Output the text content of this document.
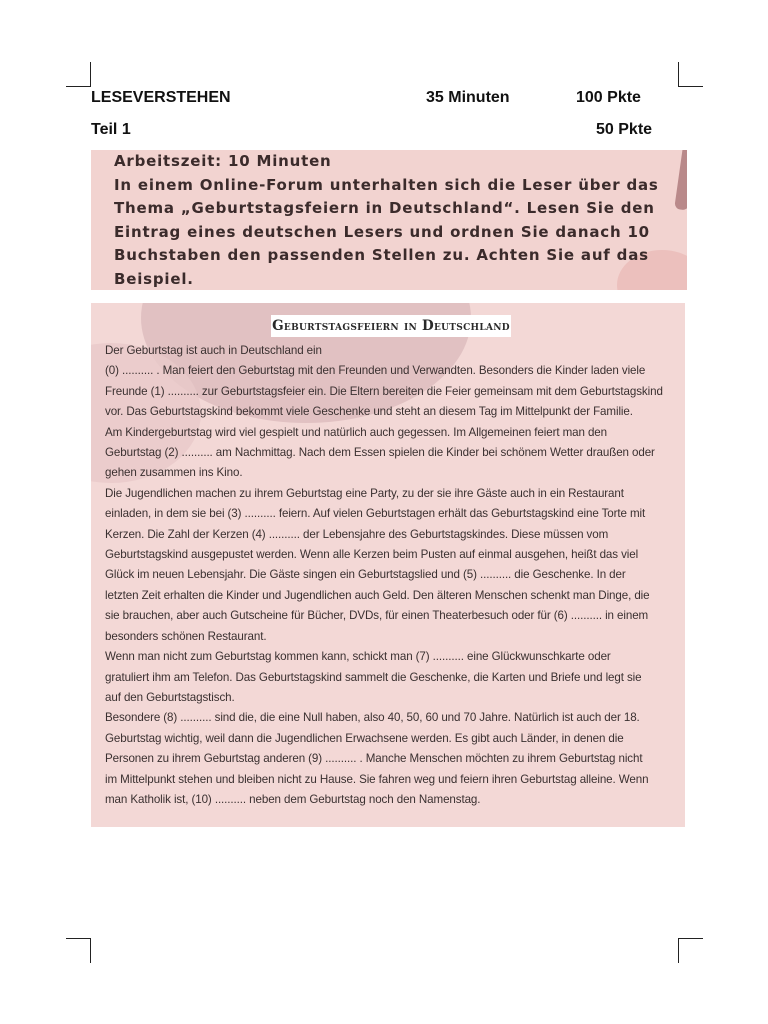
LESEVERSTEHEN	35 Minuten	100 Pkte
Teil 1	50 Pkte
Arbeitszeit: 10 Minuten
In einem Online-Forum unterhalten sich die Leser über das
Thema „Geburtstagsfeiern in Deutschland“. Lesen Sie den
Eintrag eines deutschen Lesers und ordnen Sie danach 10
Buchstaben den passenden Stellen zu. Achten Sie auf das
Beispiel.
Geburtstagsfeiern in Deutschland

Der Geburtstag ist auch in Deutschland ein

(0) .......... . Man feiert den Geburtstag mit den Freunden und Verwandten. Besonders die Kinder laden viele

Freunde (1) .......... zur Geburtstagsfeier ein. Die Eltern bereiten die Feier gemeinsam mit dem Geburtstagskind

vor. Das Geburtstagskind bekommt viele Geschenke und steht an diesem Tag im Mittelpunkt der Familie.

Am Kindergeburtstag wird viel gespielt und natürlich auch gegessen. Im Allgemeinen feiert man den

Geburtstag (2) .......... am Nachmittag. Nach dem Essen spielen die Kinder bei schönem Wetter draußen oder

gehen zusammen ins Kino.

Die Jugendlichen machen zu ihrem Geburtstag eine Party, zu der sie ihre Gäste auch in ein Restaurant

einladen, in dem sie bei (3) .......... feiern. Auf vielen Geburtstagen erhält das Geburtstagskind eine Torte mit

Kerzen. Die Zahl der Kerzen (4) .......... der Lebensjahre des Geburtstagskindes. Diese müssen vom

Geburtstagskind ausgepustet werden. Wenn alle Kerzen beim Pusten auf einmal ausgehen, heißt das viel

Glück im neuen Lebensjahr. Die Gäste singen ein Geburtstagslied und (5) .......... die Geschenke. In der

letzten Zeit erhalten die Kinder und Jugendlichen auch Geld. Den älteren Menschen schenkt man Dinge, die

sie brauchen, aber auch Gutscheine für Bücher, DVDs, für einen Theaterbesuch oder für (6) .......... in einem

besonders schönen Restaurant.

Wenn man nicht zum Geburtstag kommen kann, schickt man (7) .......... eine Glückwunschkarte oder

gratuliert ihm am Telefon. Das Geburtstagskind sammelt die Geschenke, die Karten und Briefe und legt sie

auf den Geburtstagstisch.

Besondere (8) .......... sind die, die eine Null haben, also 40, 50, 60 und 70 Jahre. Natürlich ist auch der 18.

Geburtstag wichtig, weil dann die Jugendlichen Erwachsene werden. Es gibt auch Länder, in denen die

Personen zu ihrem Geburtstag anderen (9) .......... . Manche Menschen möchten zu ihrem Geburtstag nicht

im Mittelpunkt stehen und bleiben nicht zu Hause. Sie fahren weg und feiern ihren Geburtstag alleine. Wenn

man Katholik ist, (10) .......... neben dem Geburtstag noch den Namenstag.
